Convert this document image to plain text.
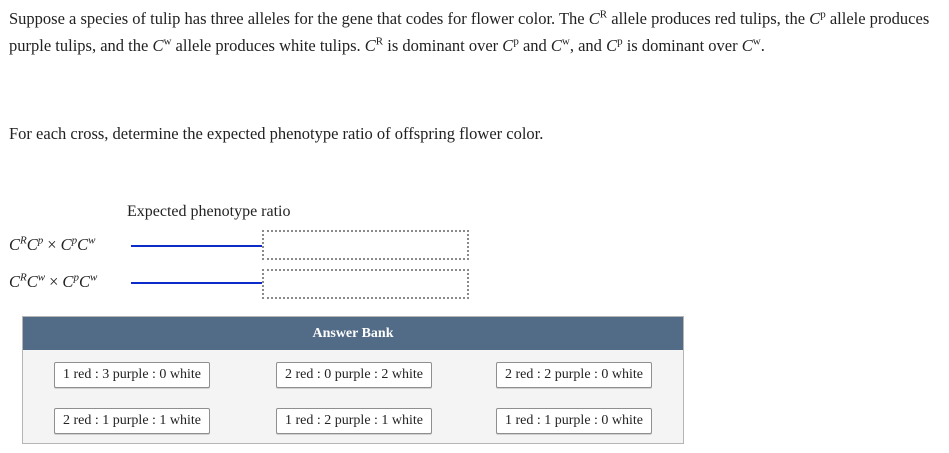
Suppose a species of tulip has three alleles for the gene that codes for flower color. The $C^R$ allele produces red tulips, the $C^p$ allele produces purple tulips, and the $C^w$ allele produces white tulips. $C^R$ is dominant over $C^p$ and $C^w$, and $C^p$ is dominant over $C^w$.

For each cross, determine the expected phenotype ratio of offspring flower color.

Expected phenotype ratio
$C^RC^p \times C^pC^w$
$C^RC^w \times C^pC^w$
Answer Bank
1 red : 3 purple : 0 white	2 red : 0 purple : 2 white	2 red : 2 purple : 0 white
2 red : 1 purple : 1 white	1 red : 2 purple : 1 white	1 red : 1 purple : 0 white
